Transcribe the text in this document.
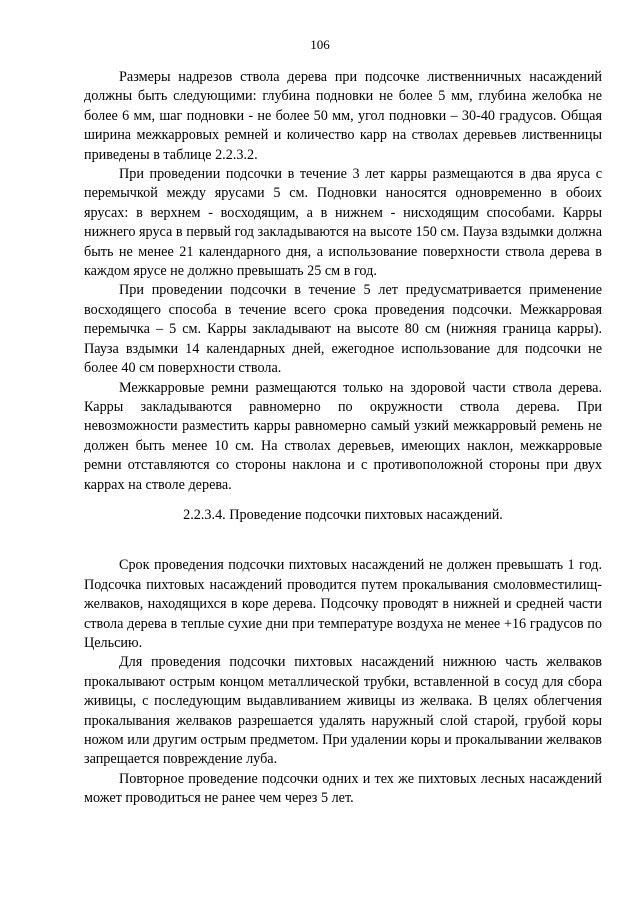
106

Размеры надрезов ствола дерева при подсочке лиственничных насаждений должны быть следующими: глубина подновки не более 5 мм, глубина желобка не более 6 мм, шаг подновки - не более 50 мм, угол подновки – 30-40 градусов. Общая ширина межкарровых ремней и количество карр на стволах деревьев лиственницы приведены в таблице 2.2.3.2.

При проведении подсочки в течение 3 лет карры размещаются в два яруса с перемычкой между ярусами 5 см. Подновки наносятся одновременно в обоих ярусах: в верхнем - восходящим, а в нижнем - нисходящим способами. Карры нижнего яруса в первый год закладываются на высоте 150 см. Пауза вздымки должна быть не менее 21 календарного дня, а использование поверхности ствола дерева в каждом ярусе не должно превышать 25 см в год.

При проведении подсочки в течение 5 лет предусматривается применение восходящего способа в течение всего срока проведения подсочки. Межкарровая перемычка – 5 см. Карры закладывают на высоте 80 см (нижняя граница карры). Пауза вздымки 14 календарных дней, ежегодное использование для подсочки не более 40 см поверхности ствола.

Межкарровые ремни размещаются только на здоровой части ствола дерева. Карры закладываются равномерно по окружности ствола дерева. При невозможности разместить карры равномерно самый узкий межкарровый ремень не должен быть менее 10 см. На стволах деревьев, имеющих наклон, межкарровые ремни отставляются со стороны наклона и с противоположной стороны при двух каррах на стволе дерева.

2.2.3.4. Проведение подсочки пихтовых насаждений.

Срок проведения подсочки пихтовых насаждений не должен превышать 1 год. Подсочка пихтовых насаждений проводится путем прокалывания смоловместилищ-желваков, находящихся в коре дерева. Подсочку проводят в нижней и средней части ствола дерева в теплые сухие дни при температуре воздуха не менее +16 градусов по Цельсию.

Для проведения подсочки пихтовых насаждений нижнюю часть желваков прокалывают острым концом металлической трубки, вставленной в сосуд для сбора живицы, с последующим выдавливанием живицы из желвака. В целях облегчения прокалывания желваков разрешается удалять наружный слой старой, грубой коры ножом или другим острым предметом. При удалении коры и прокалывании желваков запрещается повреждение луба.

Повторное проведение подсочки одних и тех же пихтовых лесных насаждений может проводиться не ранее чем через 5 лет.
